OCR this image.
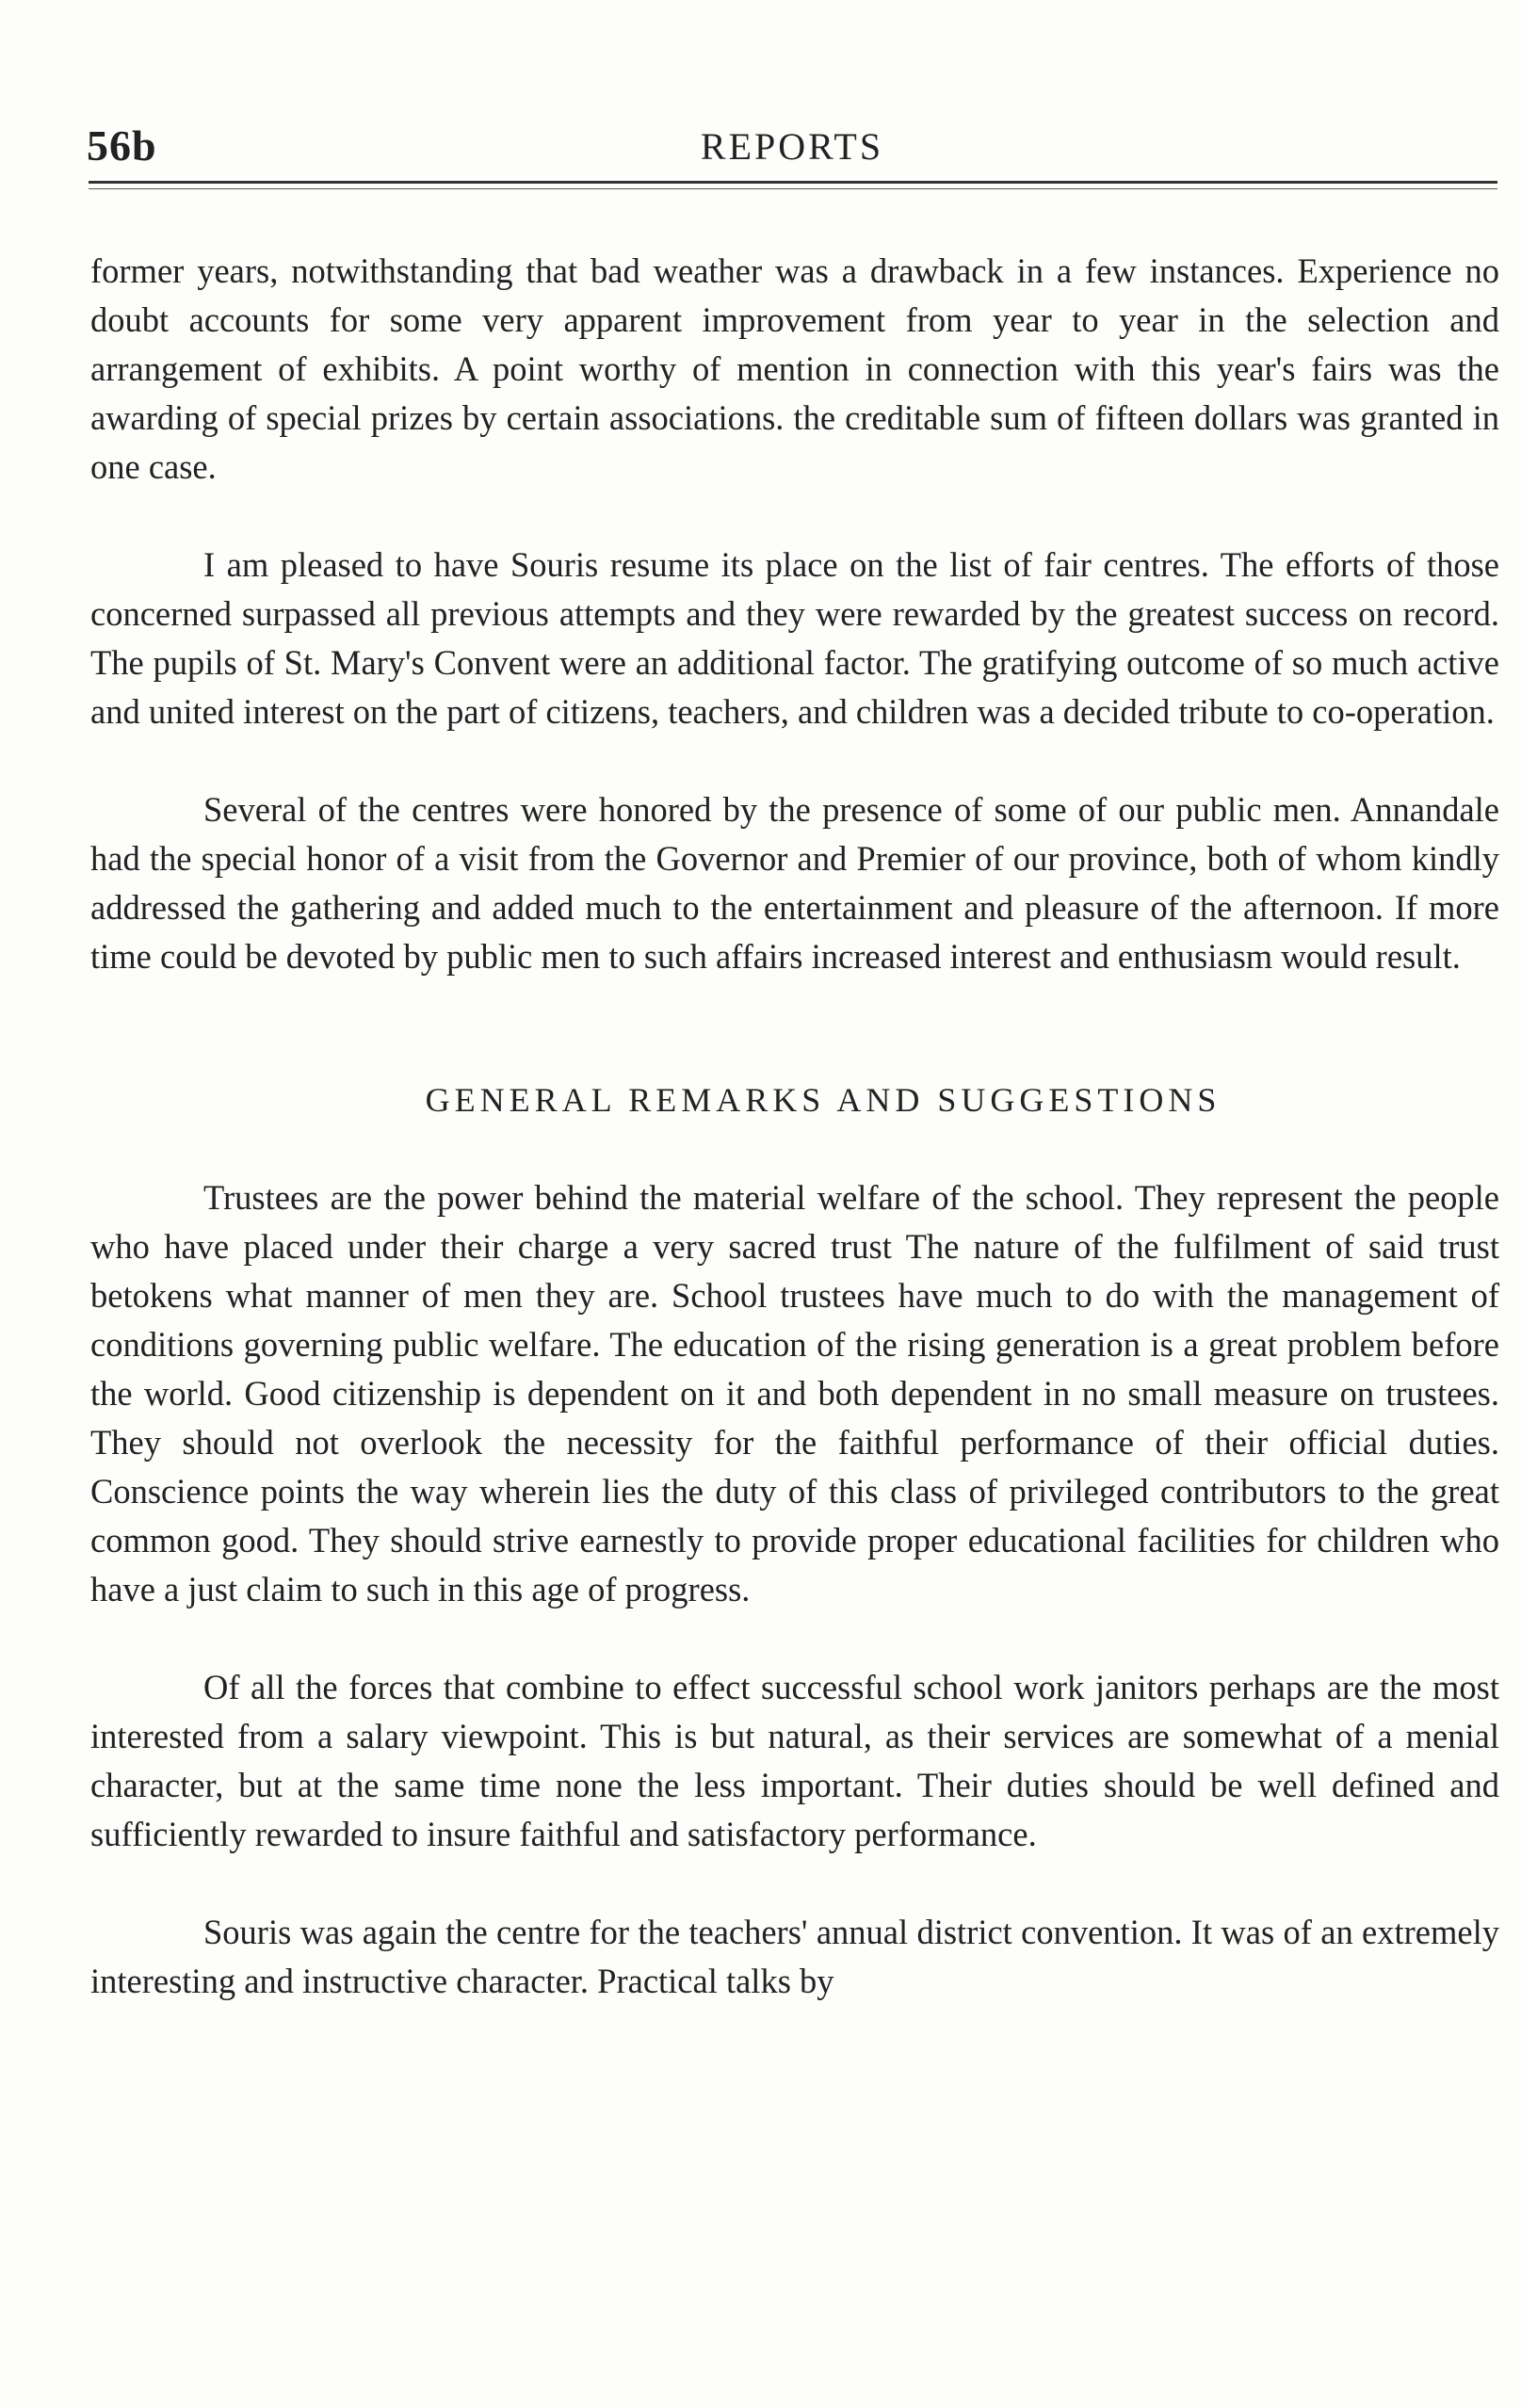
56b	REPORTS

former years, notwithstanding that bad weather was a drawback in a few instances. Experience no doubt accounts for some very apparent improvement from year to year in the selection and arrangement of exhibits. A point worthy of mention in connection with this year's fairs was the awarding of special prizes by certain associations. the creditable sum of fifteen dollars was granted in one case.

I am pleased to have Souris resume its place on the list of fair centres. The efforts of those concerned surpassed all previous attempts and they were rewarded by the greatest success on record. The pupils of St. Mary's Convent were an additional factor. The gratifying outcome of so much active and united interest on the part of citizens, teachers, and children was a decided tribute to co-operation.

Several of the centres were honored by the presence of some of our public men. Annandale had the special honor of a visit from the Governor and Premier of our province, both of whom kindly addressed the gathering and added much to the entertainment and pleasure of the afternoon. If more time could be devoted by public men to such affairs increased interest and enthusiasm would result.

GENERAL REMARKS AND SUGGESTIONS

Trustees are the power behind the material welfare of the school. They represent the people who have placed under their charge a very sacred trust The nature of the fulfilment of said trust betokens what manner of men they are. School trustees have much to do with the management of conditions governing public welfare. The education of the rising generation is a great problem before the world. Good citizenship is dependent on it and both dependent in no small measure on trustees. They should not overlook the necessity for the faithful performance of their official duties. Conscience points the way wherein lies the duty of this class of privileged contributors to the great common good. They should strive earnestly to provide proper educational facilities for children who have a just claim to such in this age of progress.

Of all the forces that combine to effect successful school work janitors perhaps are the most interested from a salary viewpoint. This is but natural, as their services are somewhat of a menial character, but at the same time none the less important. Their duties should be well defined and sufficiently rewarded to insure faithful and satisfactory performance.

Souris was again the centre for the teachers' annual district convention. It was of an extremely interesting and instructive character. Practical talks by
